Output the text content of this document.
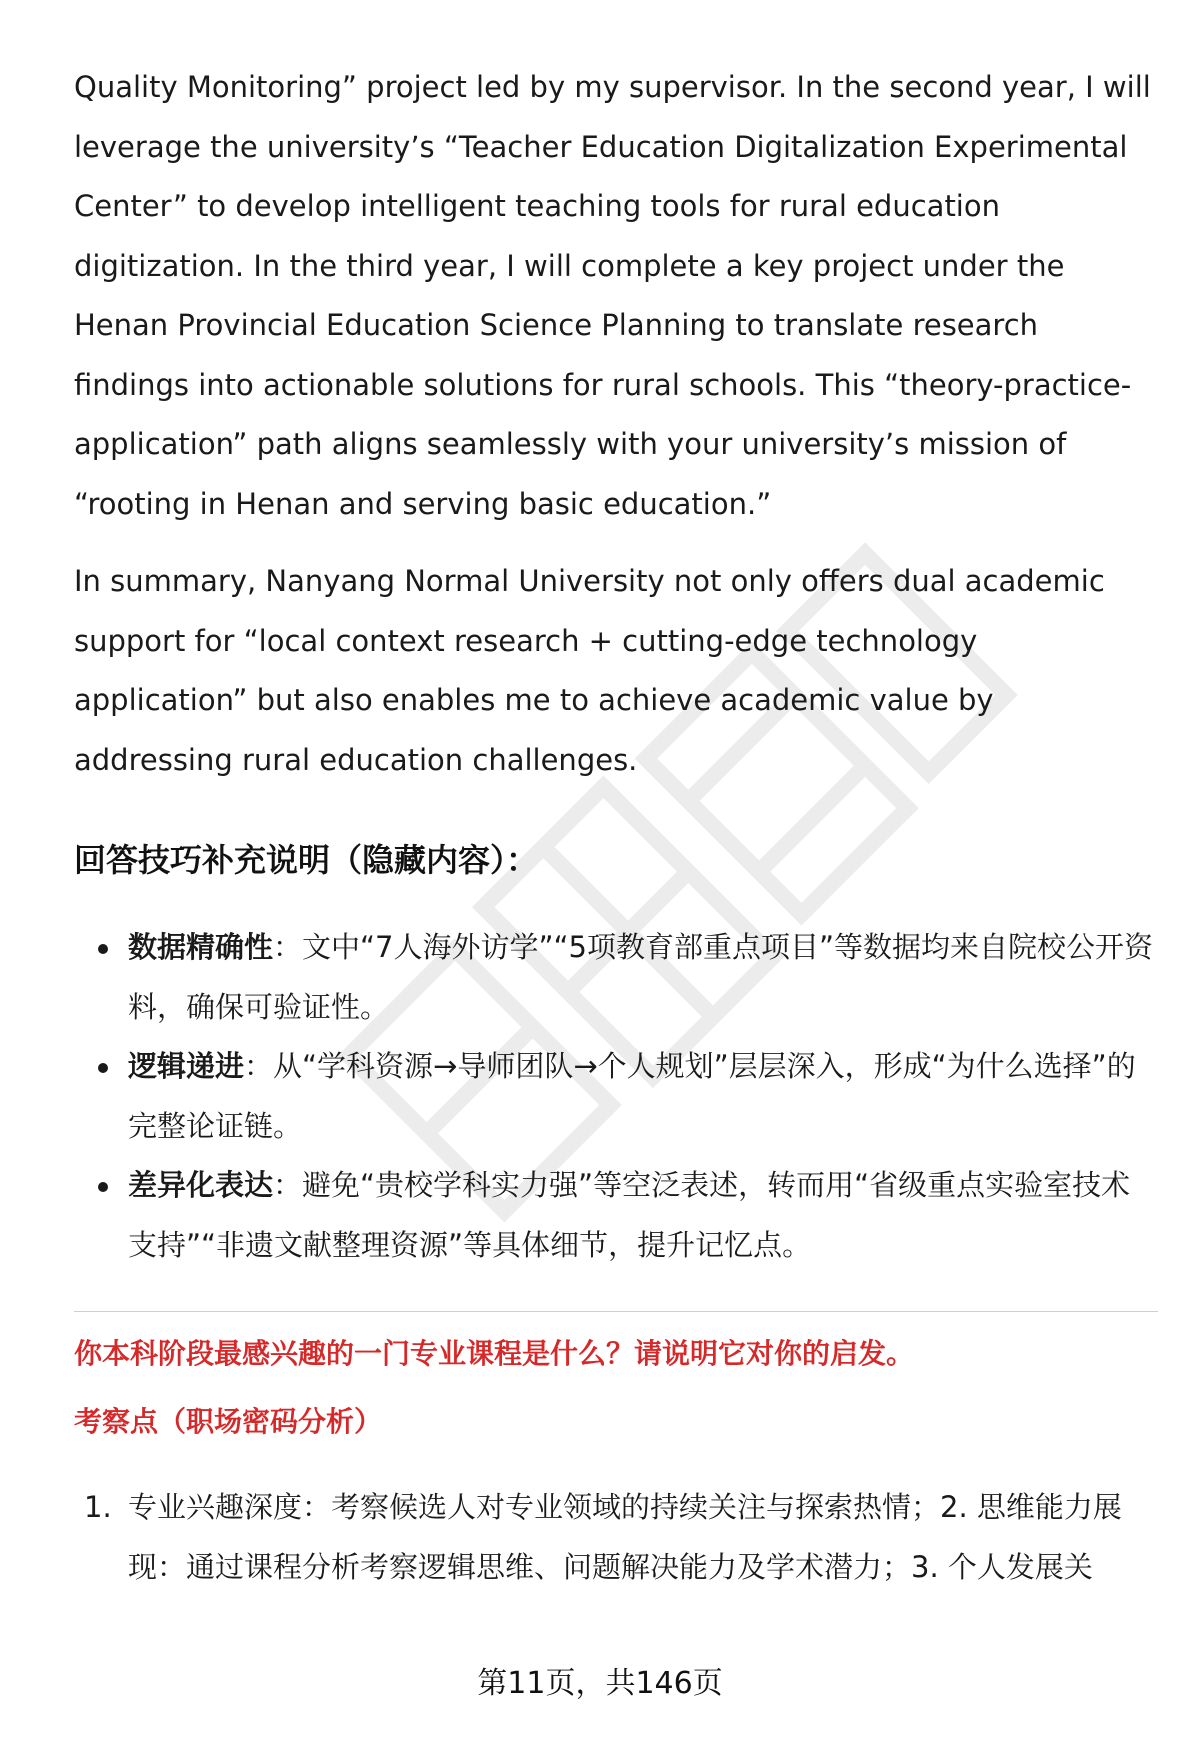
Quality Monitoring” project led by my supervisor. In the second year, I will leverage the university’s “Teacher Education Digitalization Experimental Center” to develop intelligent teaching tools for rural education digitization. In the third year, I will complete a key project under the Henan Provincial Education Science Planning to translate research findings into actionable solutions for rural schools. This “theory-practice-application” path aligns seamlessly with your university’s mission of “rooting in Henan and serving basic education.”

In summary, Nanyang Normal University not only offers dual academic support for “local context research + cutting-edge technology application” but also enables me to achieve academic value by addressing rural education challenges.

回答技巧补充说明（隐藏内容）：
数据精确性：文中“7人海外访学”“5项教育部重点项目”等数据均来自院校公开资料，确保可验证性。
逻辑递进：从“学科资源→导师团队→个人规划”层层深入，形成“为什么选择”的完整论证链。
差异化表达：避免“贵校学科实力强”等空泛表述，转而用“省级重点实验室技术支持”“非遗文献整理资源”等具体细节，提升记忆点。
你本科阶段最感兴趣的一门专业课程是什么？请说明它对你的启发。
考察点（职场密码分析）
1. 专业兴趣深度：考察候选人对专业领域的持续关注与探索热情；2. 思维能力展现：通过课程分析考察逻辑思维、问题解决能力及学术潜力；3. 个人发展关
第11页，共146页
